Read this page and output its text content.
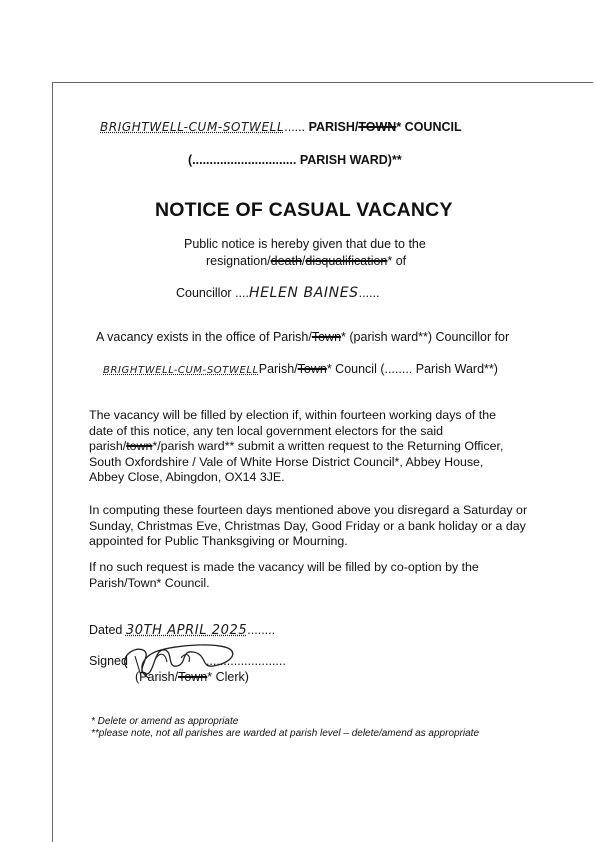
BRIGHTWELL-CUM-SOTWELL...... PARISH/TOWN* COUNCIL
(.............................. PARISH WARD)**
NOTICE OF CASUAL VACANCY
Public notice is hereby given that due to the
resignation/death/disqualification* of
Councillor ....HELEN BAINES......
A vacancy exists in the office of Parish/Town* (parish ward**) Councillor for
BRIGHTWELL-CUM-SOTWELLParish/Town* Council (........ Parish Ward**)
The vacancy will be filled by election if, within fourteen working days of the
date of this notice, any ten local government electors for the said
parish/town*/parish ward** submit a written request to the Returning Officer,
South Oxfordshire / Vale of White Horse District Council*, Abbey House,
Abbey Close, Abingdon, OX14 3JE.
In computing these fourteen days mentioned above you disregard a Saturday or Sunday, Christmas Eve, Christmas Day, Good Friday or a bank holiday or a day appointed for Public Thanksgiving or Mourning.
If no such request is made the vacancy will be filled by co-option by the Parish/Town* Council.
Dated 30TH APRIL 2025........
Signed	.......................
(Parish/Town* Clerk)
* Delete or amend as appropriate
**please note, not all parishes are warded at parish level – delete/amend as appropriate
